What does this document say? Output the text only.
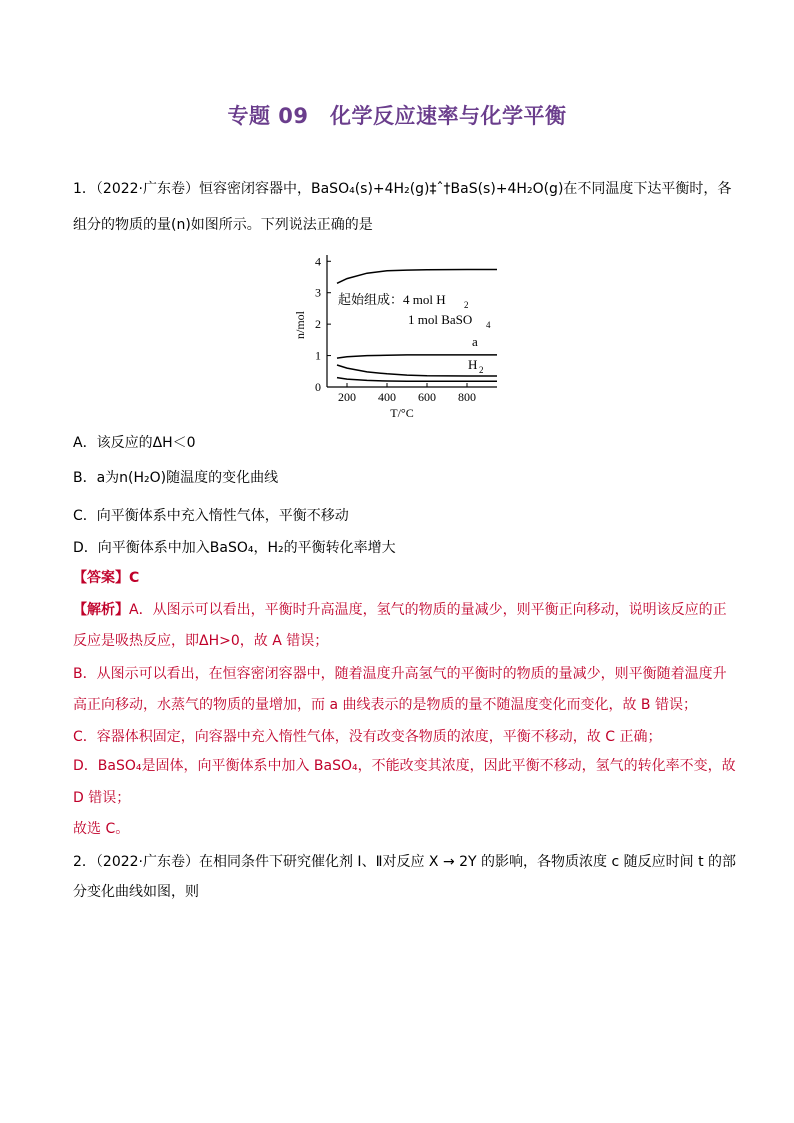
专题 09　化学反应速率与化学平衡
1．（2022·广东卷）恒容密闭容器中，BaSO₄(s)+4H₂(g)‡ˆ†BaS(s)+4H₂O(g)在不同温度下达平衡时，各
组分的物质的量(n)如图所示。下列说法正确的是
200 400 600 800
0
1
2
3
4
T/°C
n/mol
起始组成：4 mol H 2
1 mol BaSO 4
a
H 2
A．该反应的ΔH＜0
B．a为n(H₂O)随温度的变化曲线
C．向平衡体系中充入惰性气体，平衡不移动
D．向平衡体系中加入BaSO₄，H₂的平衡转化率增大
【答案】C
【解析】A．从图示可以看出，平衡时升高温度，氢气的物质的量减少，则平衡正向移动，说明该反应的正
反应是吸热反应，即ΔH>0，故 A 错误；
B．从图示可以看出，在恒容密闭容器中，随着温度升高氢气的平衡时的物质的量减少，则平衡随着温度升
高正向移动，水蒸气的物质的量增加，而 a 曲线表示的是物质的量不随温度变化而变化，故 B 错误；
C．容器体积固定，向容器中充入惰性气体，没有改变各物质的浓度，平衡不移动，故 C 正确；
D．BaSO₄是固体，向平衡体系中加入 BaSO₄，不能改变其浓度，因此平衡不移动，氢气的转化率不变，故
D 错误；
故选 C。
2．（2022·广东卷）在相同条件下研究催化剂 I、Ⅱ对反应 X → 2Y 的影响，各物质浓度 c 随反应时间 t 的部
分变化曲线如图，则
